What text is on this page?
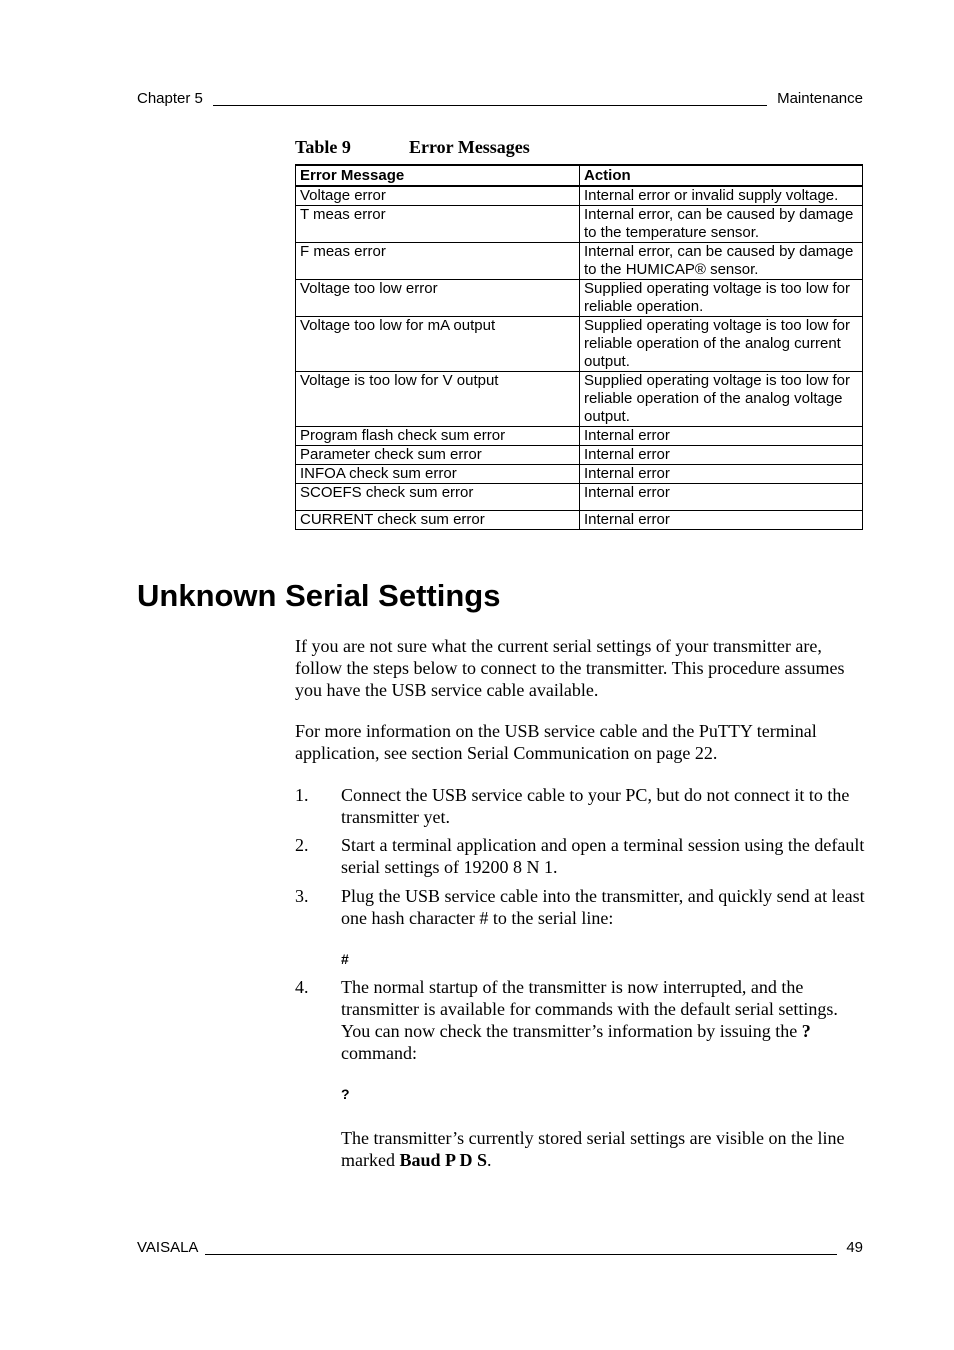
Chapter 5	Maintenance
Table 9	Error Messages
Error Message	Action
Voltage error	Internal error or invalid supply voltage.
T meas error	Internal error, can be caused by damage to the temperature sensor.
F meas error	Internal error, can be caused by damage to the HUMICAP® sensor.
Voltage too low error	Supplied operating voltage is too low for reliable operation.
Voltage too low for mA output	Supplied operating voltage is too low for reliable operation of the analog current output.
Voltage is too low for V output	Supplied operating voltage is too low for reliable operation of the analog voltage output.
Program flash check sum error	Internal error
Parameter check sum error	Internal error
INFOA check sum error	Internal error
SCOEFS check sum error	Internal error
CURRENT check sum error	Internal error
Unknown Serial Settings
If you are not sure what the current serial settings of your transmitter are, follow the steps below to connect to the transmitter. This procedure assumes you have the USB service cable available.
For more information on the USB service cable and the PuTTY terminal application, see section Serial Communication on page 22.
1. Connect the USB service cable to your PC, but do not connect it to the transmitter yet.
2. Start a terminal application and open a terminal session using the default serial settings of 19200 8 N 1.
3. Plug the USB service cable into the transmitter, and quickly send at least one hash character # to the serial line:
#
4. The normal startup of the transmitter is now interrupted, and the transmitter is available for commands with the default serial settings. You can now check the transmitter’s information by issuing the ? command:
?
The transmitter’s currently stored serial settings are visible on the line marked Baud P D S.
VAISALA	49
